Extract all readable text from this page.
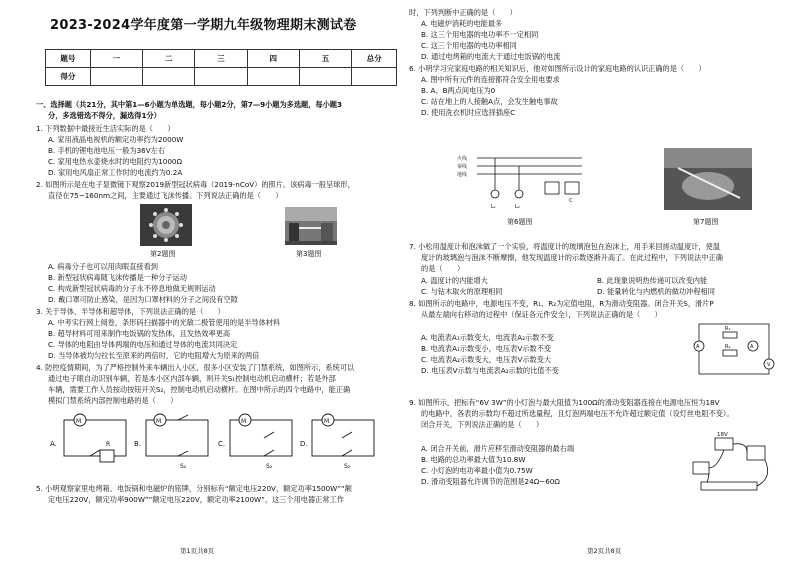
2023-2024学年度第一学期九年级物理期末测试卷
题号	一	二	三	四	五	总分
得分						
一、选择题（共21分，其中第1—6小题为单选题，每小题2分，第7—9小题为多选题，每小题3
分，多选错选不得分，漏选得1分）
1. 下列数据中最接近生活实际的是（　　）
A. 家用液晶电视机的额定功率约为2000W
B. 手机的锂电池电压一般为36V左右
C. 家用电热水壶烧水时的电阻约为1000Ω
D. 家用电风扇正常工作时的电流约为0.2A
2. 如图所示是在电子显微镜下观察2019新型冠状病毒（2019-nCoV）的照片。该病毒一般呈球形，
直径在75~160nm之间，主要通过飞沫传播。下列说法正确的是（　　）
第2题图	第3题图
A. 病毒分子也可以用肉眼直接看到
B. 新型冠状病毒随飞沫传播是一种分子运动
C. 构成新型冠状病毒的分子永不停息地做无规则运动
D. 戴口罩可防止感染，是因为口罩材料的分子之间没有空隙
3. 关于导体、半导体和超导体，下列说法正确的是（　　）
A. 中考实行网上阅卷，条形码扫描器中的光敏二极管使用的是半导体材料
B. 超导材料可用来制作电饭锅的发热体，且发热效率更高
C. 导体的电阻由导体两端的电压和通过导体的电流共同决定
D. 当导体被均匀拉长至原来的两倍时，它的电阻增大为原来的两倍
4. 防控疫情期间，为了严格控制外来车辆出入小区，很多小区安装了门禁系统，如图所示，系统可以
通过电子眼自动识别车辆，若是本小区内部车辆，则开关S₁控制电动机启动横杆；若是外部
车辆，需要工作人员按动按钮开关S₂，控制电动机启动横杆。在图中所示的四个电路中，能正确
模拟门禁系统内部控制电路的是（　　）
A.
M
R	B.
M
S₂
C.
M
S₂
D.
M
S₂
5. 小明观察家里电烤箱、电饭锅和电磁炉的铭牌，分别标有“额定电压220V，额定功率1500W”“额
定电压220V，额定功率900W”“额定电压220V，额定功率2100W”，这三个用电器正常工作
第1页共8页
时，下列判断中正确的是（　　）
A. 电磁炉消耗的电能最多
B. 这三个用电器的电功率不一定相同
C. 这三个用电器的电功率相同
D. 通过电烤箱的电流大于通过电饭锅的电流
6. 小明学习完家庭电路的相关知识后，他对如图所示设计的家庭电路的认识正确的是（　　）
A. 图中所有元件的连接都符合安全用电要求
B. A、B两点间电压为0
C. 站在地上的人接触A点，会发生触电事故
D. 使用洗衣机时应选择插座C
火线
零线
地线
L₁	L₂
C
第6题图	第7题图
7. 小松用温度计和泡沫做了一个实验，将温度计的玻璃泡包在泡沫上，用手来回搓动温度计，使温
度计的玻璃泡与泡沫不断摩擦，他发现温度计的示数逐渐升高了。在此过程中，下列说法中正确
的是（　　）
A. 温度计的内能增大	B. 此现象说明热传递可以改变内能
C. 与钻木取火的原理相同	D. 能量转化与内燃机的做功冲程相同
8. 如图所示的电路中，电源电压不变，R₁、R₂为定值电阻，R为滑动变阻器。闭合开关S，滑片P
从最左端向右移动的过程中（保证各元件安全），下列说法正确的是（　　）
A	A
V
R₁
R₂
A. 电流表A₁示数变大，电流表A₂示数不变
B. 电流表A₁示数变小，电压表V示数不变
C. 电流表A₂示数变大，电压表V示数变大
D. 电压表V示数与电流表A₂示数的比值不变
9. 如图所示，把标有“6V 3W”的小灯泡与最大阻值为100Ω的滑动变阻器连接在电源电压恒为18V
的电路中，各表的示数均不超过所选量程，且灯泡两端电压不允许超过额定值（设灯丝电阻不变）。
闭合开关，下列说法正确的是（　　）
A. 闭合开关前，滑片应移至滑动变阻器的最右端
B. 电路的总功率最大值为10.8W
C. 小灯泡的电功率最小值为0.75W
D. 滑动变阻器允许调节的范围是24Ω~60Ω
18V
第2页共8页
